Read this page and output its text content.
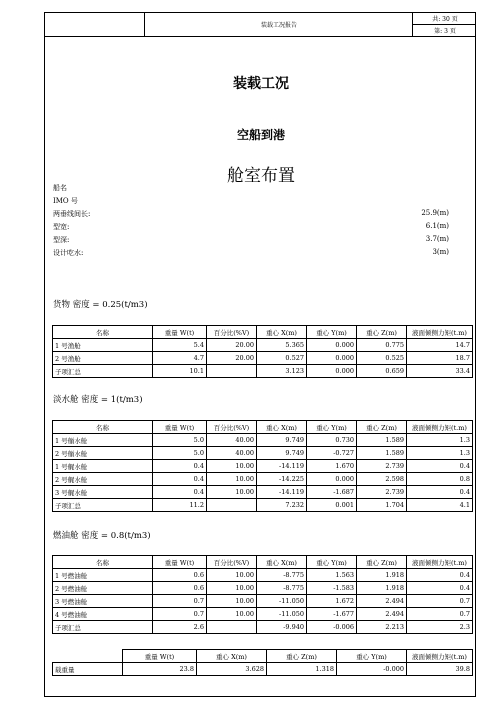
装载工况报告
共: 30 页
第: 3 页
装载工况
空船到港
舱室布置
船名
IMO 号
两垂线间长:	25.9(m)
型宽:	6.1(m)
型深:	3.7(m)
设计吃水:	3(m)
货物 密度 = 0.25(t/m3)
名称	重量 W(t)	百分比(%V)	重心 X(m)	重心 Y(m)	重心 Z(m)	液面倾侧力矩(t.m)
1 号渔舱	5.4	20.00	5.365	0.000	0.775	14.7
2 号渔舱	4.7	20.00	0.527	0.000	0.525	18.7
子项汇总	10.1		3.123	0.000	0.659	33.4
淡水舱 密度 = 1(t/m3)
名称	重量 W(t)	百分比(%V)	重心 X(m)	重心 Y(m)	重心 Z(m)	液面倾侧力矩(t.m)
1 号艏水舱	5.0	40.00	9.749	0.730	1.589	1.3
2 号艏水舱	5.0	40.00	9.749	-0.727	1.589	1.3
1 号艉水舱	0.4	10.00	-14.119	1.670	2.739	0.4
2 号艉水舱	0.4	10.00	-14.225	0.000	2.598	0.8
3 号艉水舱	0.4	10.00	-14.119	-1.687	2.739	0.4
子项汇总	11.2		7.232	0.001	1.704	4.1
燃油舱 密度 = 0.8(t/m3)
名称	重量 W(t)	百分比(%V)	重心 X(m)	重心 Y(m)	重心 Z(m)	液面倾侧力矩(t.m)
1 号燃油舱	0.6	10.00	-8.775	1.563	1.918	0.4
2 号燃油舱	0.6	10.00	-8.775	-1.583	1.918	0.4
3 号燃油舱	0.7	10.00	-11.050	1.672	2.494	0.7
4 号燃油舱	0.7	10.00	-11.050	-1.677	2.494	0.7
子项汇总	2.6		-9.940	-0.006	2.213	2.3
	重量 W(t)	重心 X(m)	重心 Z(m)	重心 Y(m)	液面倾侧力矩(t.m)
载重量	23.8	3.628	1.318	-0.000	39.8
